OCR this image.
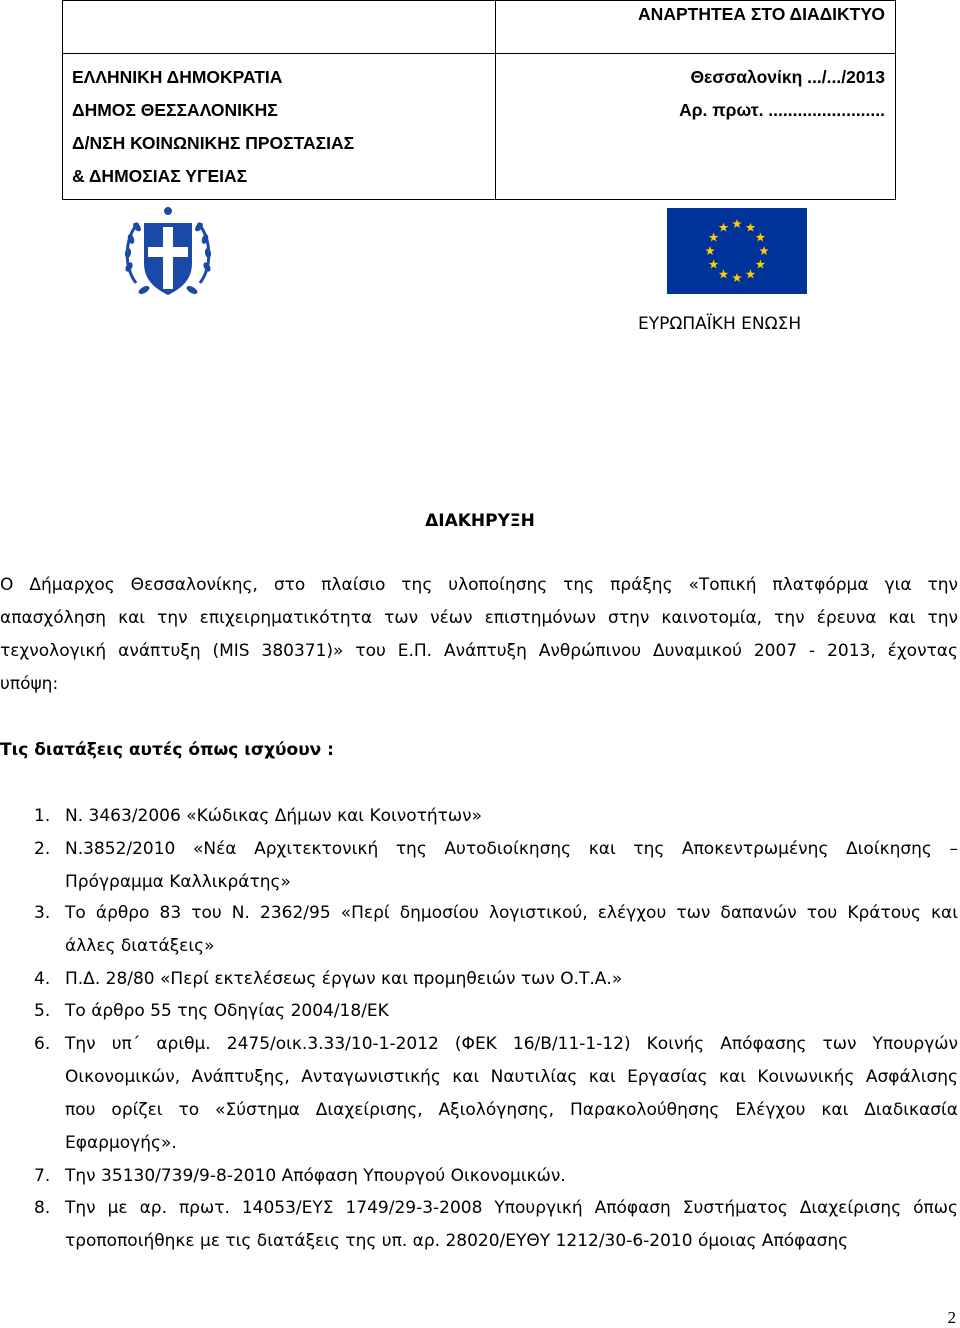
ΑΝΑΡΤΗΤΕΑ ΣΤΟ ΔΙΑΔΙΚΤΥΟ
ΕΛΛΗΝΙΚΗ ΔΗΜΟΚΡΑΤΙΑ
ΔΗΜΟΣ ΘΕΣΣΑΛΟΝΙΚΗΣ
Δ/ΝΣΗ ΚΟΙΝΩΝΙΚΗΣ ΠΡΟΣΤΑΣΙΑΣ
& ΔΗΜΟΣΙΑΣ ΥΓΕΙΑΣ
Θεσσαλονίκη .../.../2013
Αρ. πρωτ. ........................
ΕΥΡΩΠΑΪΚΗ ΕΝΩΣΗ
ΔΙΑΚΗΡΥΞΗ
Ο Δήμαρχος Θεσσαλονίκης, στο πλαίσιο της υλοποίησης της πράξης «Τοπική πλατφόρμα για την
απασχόληση και την επιχειρηματικότητα των νέων επιστημόνων στην καινοτομία, την έρευνα και την
τεχνολογική ανάπτυξη (MIS 380371)» του Ε.Π. Ανάπτυξη Ανθρώπινου Δυναμικού 2007 - 2013, έχοντας
υπόψη:
Τις διατάξεις αυτές όπως ισχύουν :
1. Ν. 3463/2006 «Κώδικας Δήμων και Κοινοτήτων»
2. Ν.3852/2010 «Νέα Αρχιτεκτονική της Αυτοδιοίκησης και της Αποκεντρωμένης Διοίκησης –
Πρόγραμμα Καλλικράτης»
3. Το άρθρο 83 του Ν. 2362/95 «Περί δημοσίου λογιστικού, ελέγχου των δαπανών του Κράτους και
άλλες διατάξεις»
4. Π.Δ. 28/80 «Περί εκτελέσεως έργων και προμηθειών των Ο.Τ.Α.»
5. Το άρθρο 55 της Οδηγίας 2004/18/ΕΚ
6. Την υπ΄ αριθμ. 2475/οικ.3.33/10-1-2012 (ΦΕΚ 16/Β/11-1-12) Κοινής Απόφασης των Υπουργών
Οικονομικών, Ανάπτυξης, Ανταγωνιστικής και Ναυτιλίας και Εργασίας και Κοινωνικής Ασφάλισης
που ορίζει το «Σύστημα Διαχείρισης, Αξιολόγησης, Παρακολούθησης Ελέγχου και Διαδικασία
Εφαρμογής».
7. Την 35130/739/9-8-2010 Απόφαση Υπουργού Οικονομικών.
8. Την με αρ. πρωτ. 14053/ΕΥΣ 1749/29-3-2008 Υπουργική Απόφαση Συστήματος Διαχείρισης όπως
τροποποιήθηκε με τις διατάξεις της υπ. αρ. 28020/ΕΥΘΥ 1212/30-6-2010 όμοιας Απόφασης
2
